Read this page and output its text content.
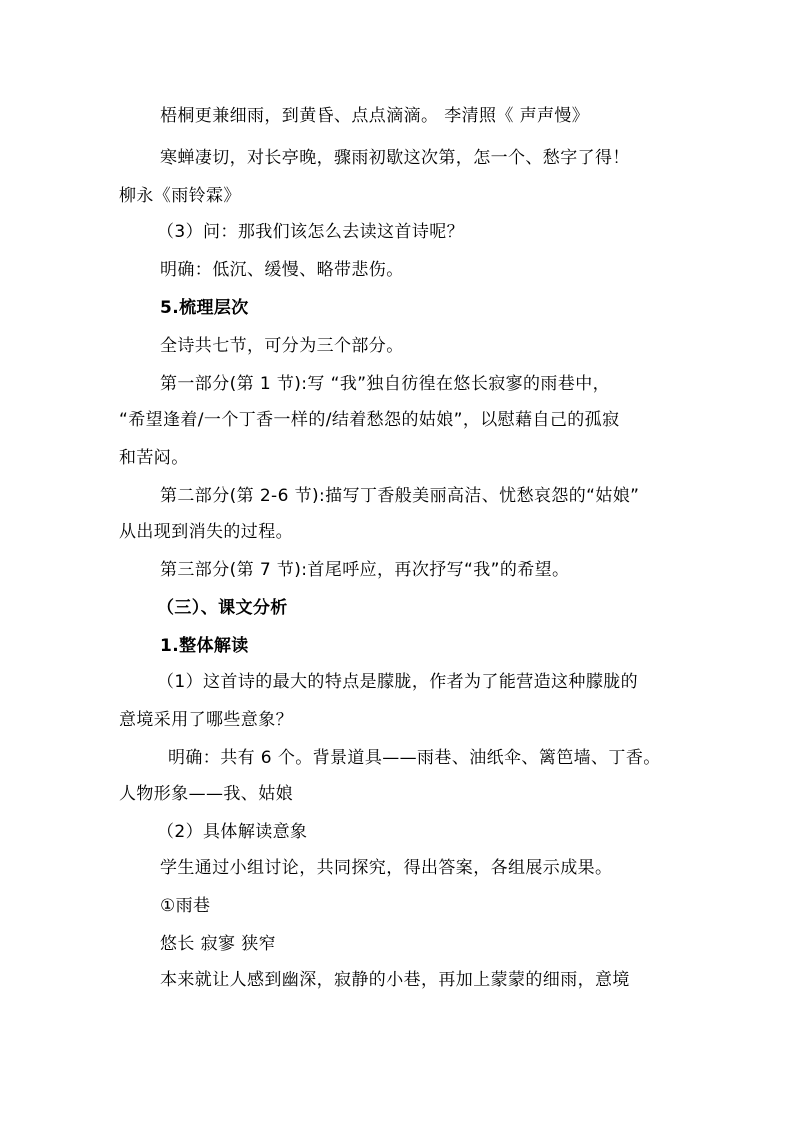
梧桐更兼细雨，到黄昏、点点滴滴。 李清照《 声声慢》
寒蝉凄切，对长亭晚，骤雨初歇这次第，怎一个、愁字了得！
柳永《雨铃霖》
（3）问：那我们该怎么去读这首诗呢？
明确：低沉、缓慢、略带悲伤。
5.梳理层次
全诗共七节，可分为三个部分。
第一部分(第 1 节):写 “我”独自彷徨在悠长寂寥的雨巷中，
“希望逢着/一个丁香一样的/结着愁怨的姑娘”，以慰藉自己的孤寂
和苦闷。
第二部分(第 2-6 节):描写丁香般美丽高洁、忧愁哀怨的“姑娘”
从出现到消失的过程。
第三部分(第 7 节):首尾呼应，再次抒写“我”的希望。
（三）、课文分析
1.整体解读
（1）这首诗的最大的特点是朦胧，作者为了能营造这种朦胧的
意境采用了哪些意象？
明确：共有 6 个。背景道具——雨巷、油纸伞、篱笆墙、丁香。
人物形象——我、姑娘
（2）具体解读意象
学生通过小组讨论，共同探究，得出答案，各组展示成果。
①雨巷
悠长 寂寥 狭窄
本来就让人感到幽深，寂静的小巷，再加上蒙蒙的细雨，意境
